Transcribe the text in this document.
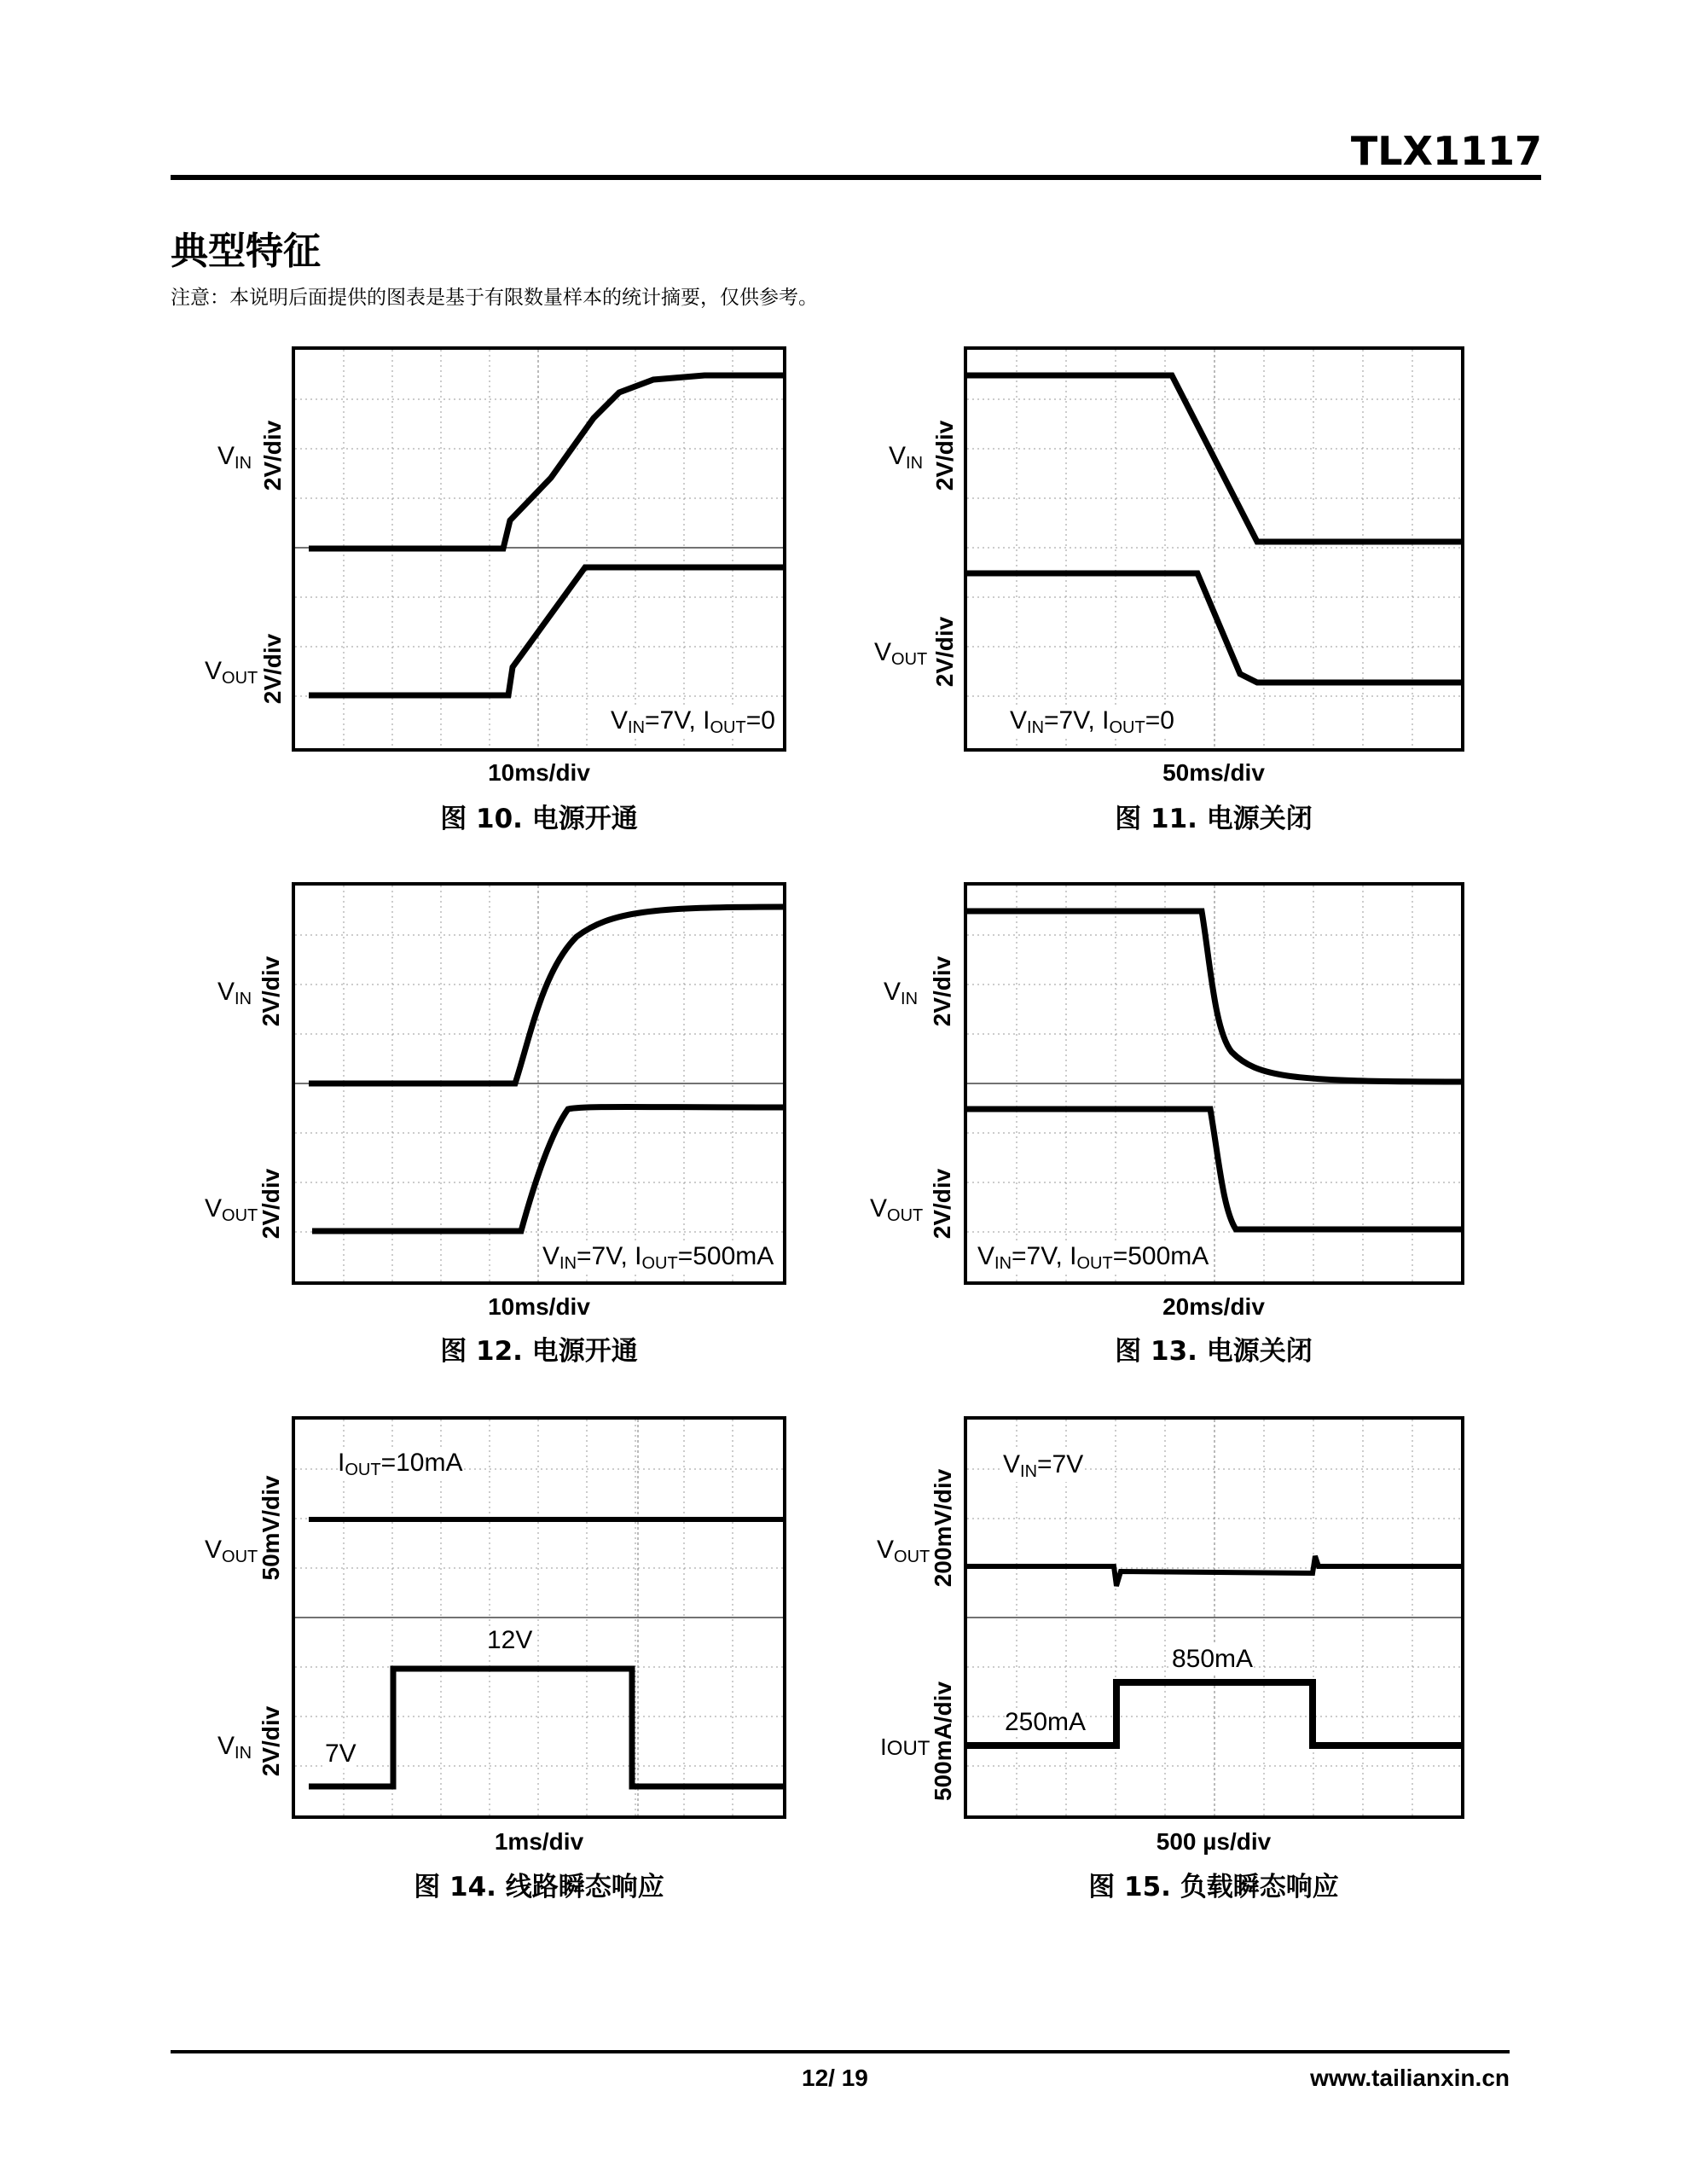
TLX1117
典型特征
注意：本说明后面提供的图表是基于有限数量样本的统计摘要，仅供参考。
2V/div
$V_{IN}$
2V/div
$V_{OUT}$
$V_{IN}=7V$, $I_{OUT}=0$
10ms/div
图 10. 电源开通
2V/div
$V_{IN}$
2V/div
$V_{OUT}$
$V_{IN}=7V$, $I_{OUT}=0$
50ms/div
图 11. 电源关闭
2V/div
$V_{IN}$
2V/div
$V_{OUT}$
$V_{IN}=7V$, $I_{OUT}=500mA$
10ms/div
图 12. 电源开通
2V/div
$V_{IN}$
2V/div
$V_{OUT}$
$V_{IN}=7V$, $I_{OUT}=500mA$
20ms/div
图 13. 电源关闭
50mV/div
$V_{OUT}$
2V/div
$V_{IN}$
$I_{OUT}=10mA$
12V
7V
1ms/div
图 14. 线路瞬态响应
200mV/div
$V_{OUT}$
500mA/div
IOUT
$V_{IN}=7V$
850mA
250mA
500 µs/div
图 15. 负载瞬态响应
12/ 19	www.tailianxin.cn
